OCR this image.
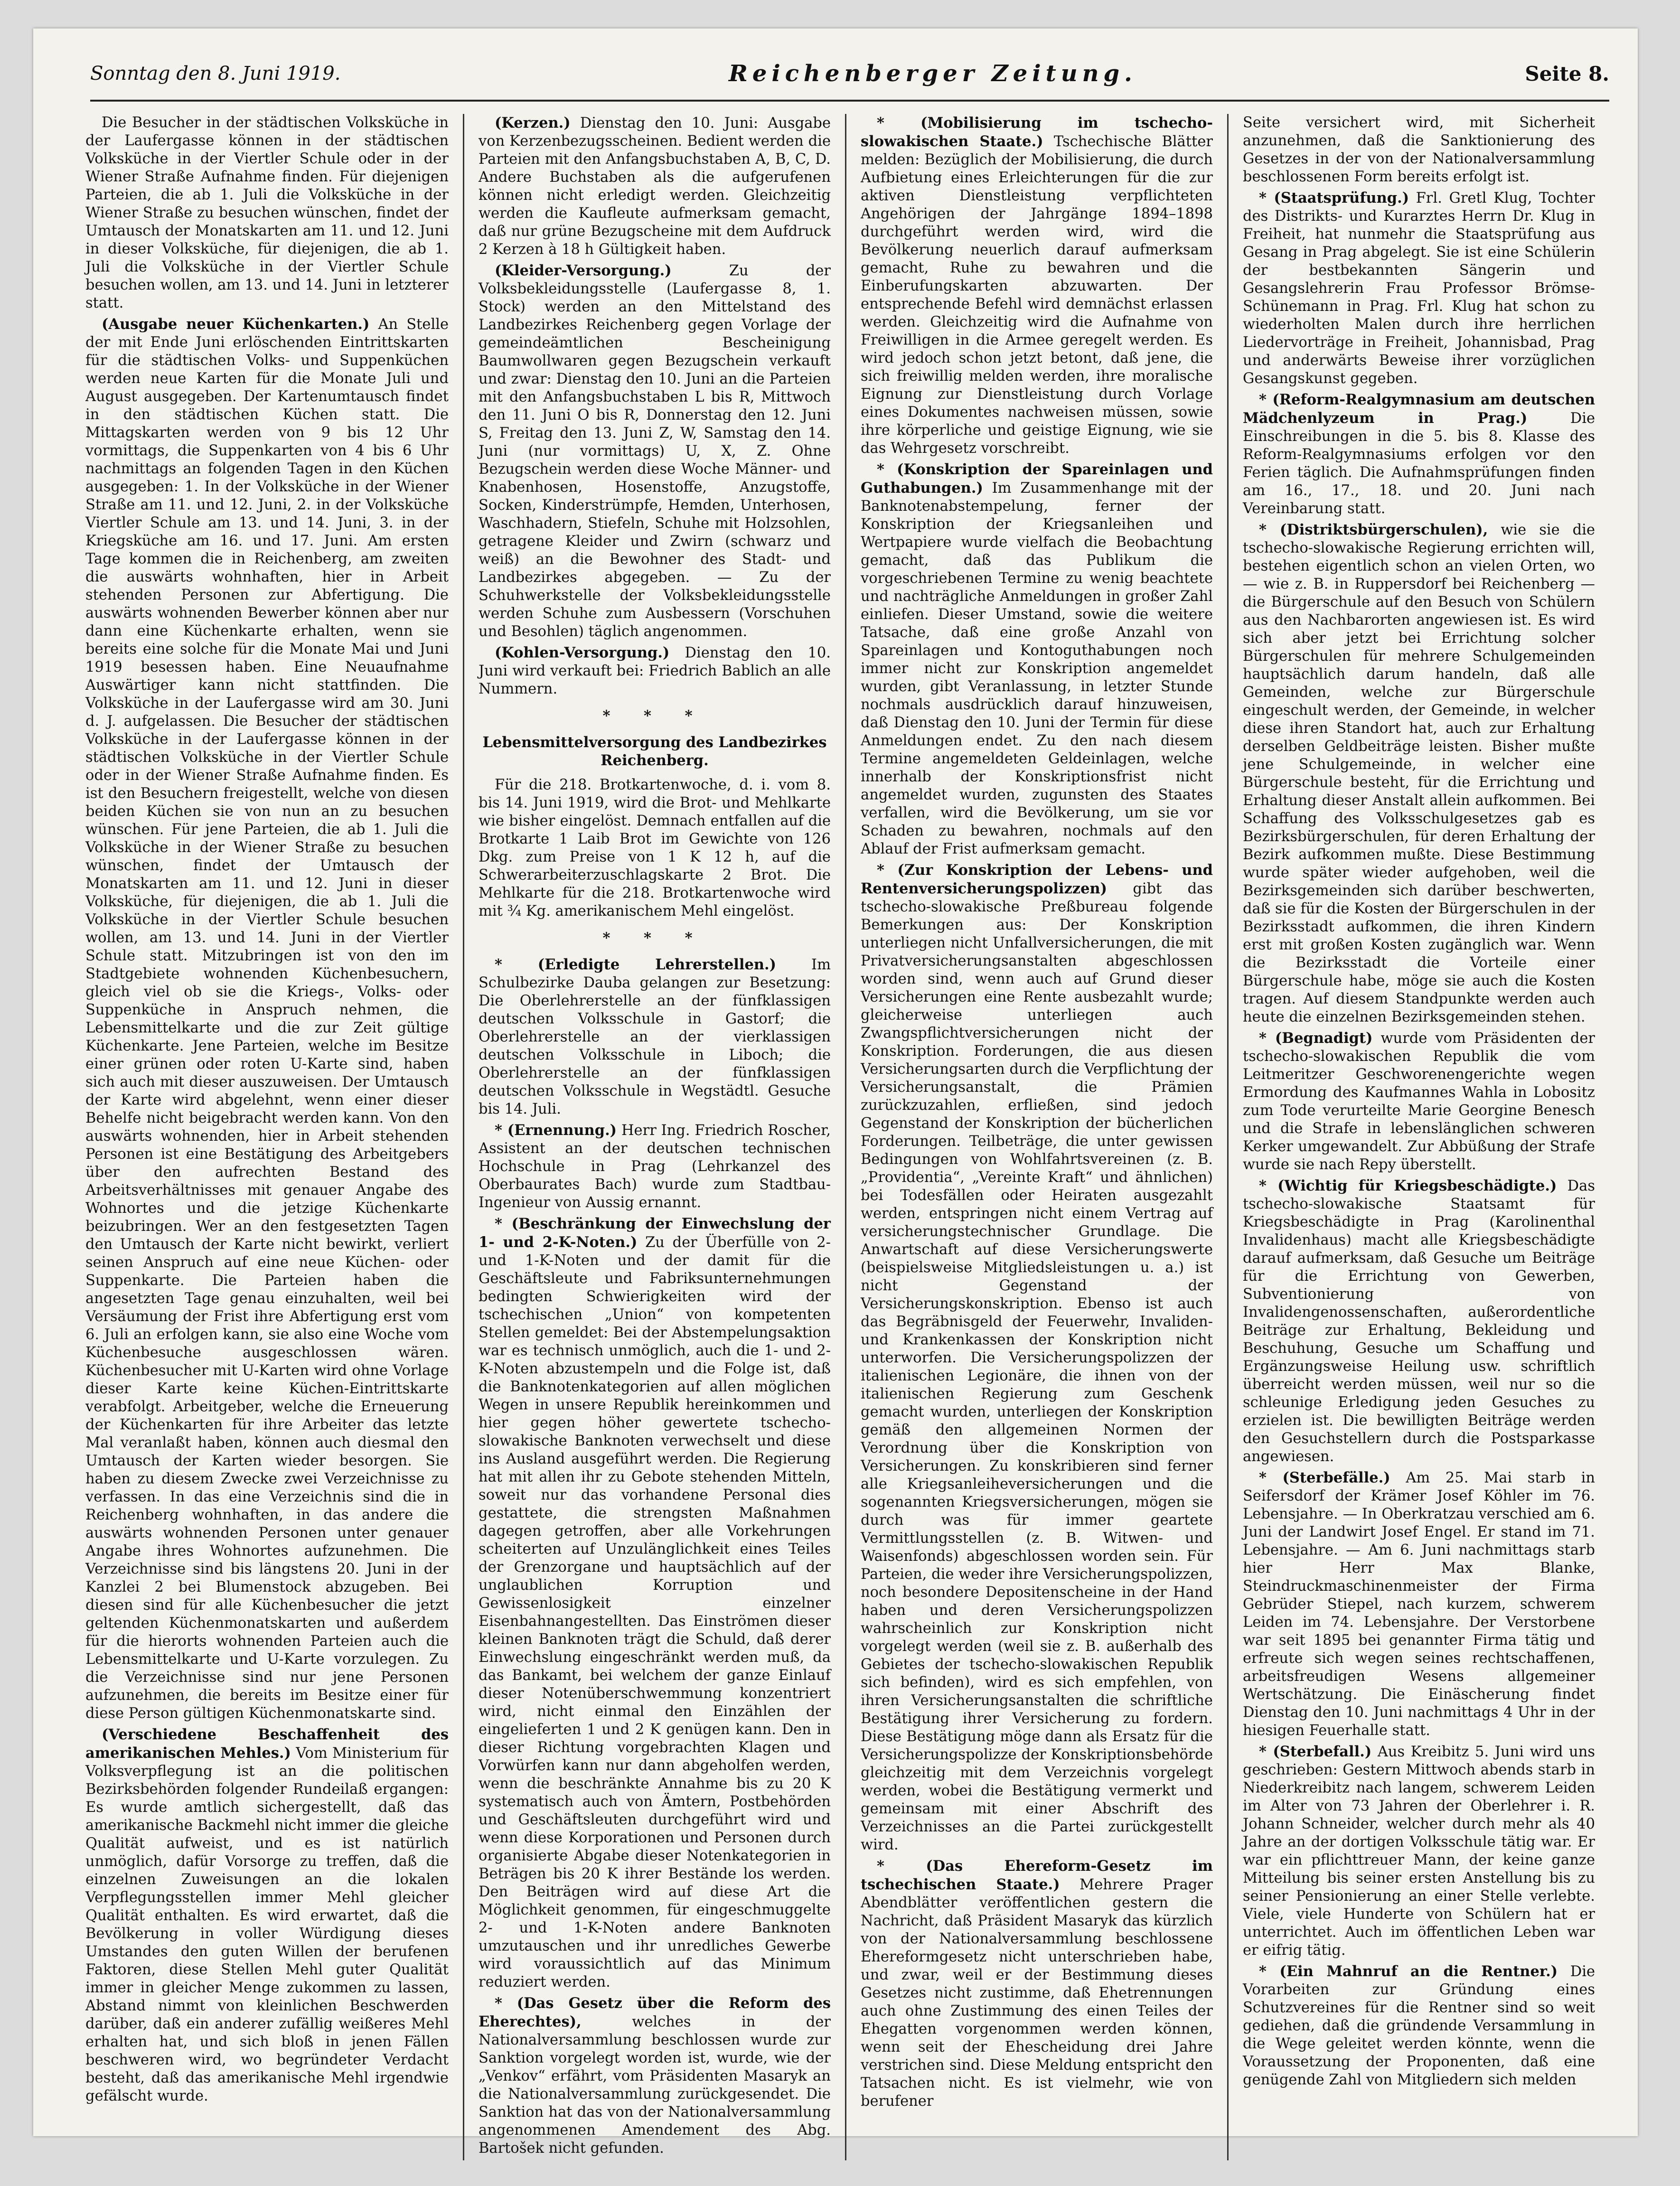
Sonntag den 8. Juni 1919.	Reichenberger Zeitung.	Seite 8.

Die Besucher in der städtischen Volksküche in der Laufergasse können in der städtischen Volksküche in der Viertler Schule oder in der Wiener Straße Aufnahme finden. Für diejenigen Parteien, die ab 1. Juli die Volksküche in der Wiener Straße zu besuchen wünschen, findet der Umtausch der Monatskarten am 11. und 12. Juni in dieser Volksküche, für diejenigen, die ab 1. Juli die Volksküche in der Viertler Schule besuchen wollen, am 13. und 14. Juni in letzterer statt.

(Ausgabe neuer Küchenkarten.) An Stelle der mit Ende Juni erlöschenden Eintrittskarten für die städtischen Volks- und Suppenküchen werden neue Karten für die Monate Juli und August ausgegeben. Der Kartenumtausch findet in den städtischen Küchen statt. Die Mittagskarten werden von 9 bis 12 Uhr vormittags, die Suppenkarten von 4 bis 6 Uhr nachmittags an folgenden Tagen in den Küchen ausgegeben: 1. In der Volksküche in der Wiener Straße am 11. und 12. Juni, 2. in der Volksküche Viertler Schule am 13. und 14. Juni, 3. in der Kriegsküche am 16. und 17. Juni. Am ersten Tage kommen die in Reichenberg, am zweiten die auswärts wohnhaften, hier in Arbeit stehenden Personen zur Abfertigung. Die auswärts wohnenden Bewerber können aber nur dann eine Küchenkarte erhalten, wenn sie bereits eine solche für die Monate Mai und Juni 1919 besessen haben. Eine Neuaufnahme Auswärtiger kann nicht stattfinden. Die Volksküche in der Laufergasse wird am 30. Juni d. J. aufgelassen. Die Besucher der städtischen Volksküche in der Laufergasse können in der städtischen Volksküche in der Viertler Schule oder in der Wiener Straße Aufnahme finden. Es ist den Besuchern freigestellt, welche von diesen beiden Küchen sie von nun an zu besuchen wünschen. Für jene Parteien, die ab 1. Juli die Volksküche in der Wiener Straße zu besuchen wünschen, findet der Umtausch der Monatskarten am 11. und 12. Juni in dieser Volksküche, für diejenigen, die ab 1. Juli die Volksküche in der Viertler Schule besuchen wollen, am 13. und 14. Juni in der Viertler Schule statt. Mitzubringen ist von den im Stadtgebiete wohnenden Küchenbesuchern, gleich viel ob sie die Kriegs-, Volks- oder Suppenküche in Anspruch nehmen, die Lebensmittelkarte und die zur Zeit gültige Küchenkarte. Jene Parteien, welche im Besitze einer grünen oder roten U-Karte sind, haben sich auch mit dieser auszuweisen. Der Umtausch der Karte wird abgelehnt, wenn einer dieser Behelfe nicht beigebracht werden kann. Von den auswärts wohnenden, hier in Arbeit stehenden Personen ist eine Bestätigung des Arbeitgebers über den aufrechten Bestand des Arbeitsverhältnisses mit genauer Angabe des Wohnortes und die jetzige Küchenkarte beizubringen. Wer an den festgesetzten Tagen den Umtausch der Karte nicht bewirkt, verliert seinen Anspruch auf eine neue Küchen- oder Suppenkarte. Die Parteien haben die angesetzten Tage genau einzuhalten, weil bei Versäumung der Frist ihre Abfertigung erst vom 6. Juli an erfolgen kann, sie also eine Woche vom Küchenbesuche ausgeschlossen wären. Küchenbesucher mit U-Karten wird ohne Vorlage dieser Karte keine Küchen-Eintrittskarte verabfolgt. Arbeitgeber, welche die Erneuerung der Küchenkarten für ihre Arbeiter das letzte Mal veranlaßt haben, können auch diesmal den Umtausch der Karten wieder besorgen. Sie haben zu diesem Zwecke zwei Verzeichnisse zu verfassen. In das eine Verzeichnis sind die in Reichenberg wohnhaften, in das andere die auswärts wohnenden Personen unter genauer Angabe ihres Wohnortes aufzunehmen. Die Verzeichnisse sind bis längstens 20. Juni in der Kanzlei 2 bei Blumenstock abzugeben. Bei diesen sind für alle Küchenbesucher die jetzt geltenden Küchenmonatskarten und außerdem für die hierorts wohnenden Parteien auch die Lebensmittelkarte und U-Karte vorzulegen. Zu die Verzeichnisse sind nur jene Personen aufzunehmen, die bereits im Besitze einer für diese Person gültigen Küchenmonatskarte sind.

(Verschiedene Beschaffenheit des amerikanischen Mehles.) Vom Ministerium für Volksverpflegung ist an die politischen Bezirksbehörden folgender Rundeilaß ergangen: Es wurde amtlich sichergestellt, daß das amerikanische Backmehl nicht immer die gleiche Qualität aufweist, und es ist natürlich unmöglich, dafür Vorsorge zu treffen, daß die einzelnen Zuweisungen an die lokalen Verpflegungsstellen immer Mehl gleicher Qualität enthalten. Es wird erwartet, daß die Bevölkerung in voller Würdigung dieses Umstandes den guten Willen der berufenen Faktoren, diese Stellen Mehl guter Qualität immer in gleicher Menge zukommen zu lassen, Abstand nimmt von kleinlichen Beschwerden darüber, daß ein anderer zufällig weißeres Mehl erhalten hat, und sich bloß in jenen Fällen beschweren wird, wo begründeter Verdacht besteht, daß das amerikanische Mehl irgendwie gefälscht wurde.

(Kerzen.) Dienstag den 10. Juni: Ausgabe von Kerzenbezugsscheinen. Bedient werden die Parteien mit den Anfangsbuchstaben A, B, C, D. Andere Buchstaben als die aufgerufenen können nicht erledigt werden. Gleichzeitig werden die Kaufleute aufmerksam gemacht, daß nur grüne Bezugscheine mit dem Aufdruck 2 Kerzen à 18 h Gültigkeit haben.

(Kleider-Versorgung.) Zu der Volksbekleidungsstelle (Laufergasse 8, 1. Stock) werden an den Mittelstand des Landbezirkes Reichenberg gegen Vorlage der gemeindeämtlichen Bescheinigung Baumwollwaren gegen Bezugschein verkauft und zwar: Dienstag den 10. Juni an die Parteien mit den Anfangsbuchstaben L bis R, Mittwoch den 11. Juni O bis R, Donnerstag den 12. Juni S, Freitag den 13. Juni Z, W, Samstag den 14. Juni (nur vormittags) U, X, Z. Ohne Bezugschein werden diese Woche Männer- und Knabenhosen, Hosenstoffe, Anzugstoffe, Socken, Kinderstrümpfe, Hemden, Unterhosen, Waschhadern, Stiefeln, Schuhe mit Holzsohlen, getragene Kleider und Zwirn (schwarz und weiß) an die Bewohner des Stadt- und Landbezirkes abgegeben. — Zu der Schuhwerkstelle der Volksbekleidungsstelle werden Schuhe zum Ausbessern (Vorschuhen und Besohlen) täglich angenommen.

(Kohlen-Versorgung.) Dienstag den 10. Juni wird verkauft bei: Friedrich Bablich an alle Nummern.

* * *

Lebensmittelversorgung des Landbezirkes Reichenberg.

Für die 218. Brotkartenwoche, d. i. vom 8. bis 14. Juni 1919, wird die Brot- und Mehlkarte wie bisher eingelöst. Demnach entfallen auf die Brotkarte 1 Laib Brot im Gewichte von 126 Dkg. zum Preise von 1 K 12 h, auf die Schwerarbeiterzuschlagskarte 2 Brot. Die Mehlkarte für die 218. Brotkartenwoche wird mit ¾ Kg. amerikanischem Mehl eingelöst.

* * *

* (Erledigte Lehrerstellen.) Im Schulbezirke Dauba gelangen zur Besetzung: Die Oberlehrerstelle an der fünfklassigen deutschen Volksschule in Gastorf; die Oberlehrerstelle an der vierklassigen deutschen Volksschule in Liboch; die Oberlehrerstelle an der fünfklassigen deutschen Volksschule in Wegstädtl. Gesuche bis 14. Juli.

* (Ernennung.) Herr Ing. Friedrich Roscher, Assistent an der deutschen technischen Hochschule in Prag (Lehrkanzel des Oberbaurates Bach) wurde zum Stadtbau-Ingenieur von Aussig ernannt.

* (Beschränkung der Einwechslung der 1- und 2-K-Noten.) Zu der Überfülle von 2- und 1-K-Noten und der damit für die Geschäftsleute und Fabriksunternehmungen bedingten Schwierigkeiten wird der tschechischen „Union“ von kompetenten Stellen gemeldet: Bei der Abstempelungsaktion war es technisch unmöglich, auch die 1- und 2-K-Noten abzustempeln und die Folge ist, daß die Banknotenkategorien auf allen möglichen Wegen in unsere Republik hereinkommen und hier gegen höher gewertete tschecho-slowakische Banknoten verwechselt und diese ins Ausland ausgeführt werden. Die Regierung hat mit allen ihr zu Gebote stehenden Mitteln, soweit nur das vorhandene Personal dies gestattete, die strengsten Maßnahmen dagegen getroffen, aber alle Vorkehrungen scheiterten auf Unzulänglichkeit eines Teiles der Grenzorgane und hauptsächlich auf der unglaublichen Korruption und Gewissenlosigkeit einzelner Eisenbahnangestellten. Das Einströmen dieser kleinen Banknoten trägt die Schuld, daß derer Einwechslung eingeschränkt werden muß, da das Bankamt, bei welchem der ganze Einlauf dieser Notenüberschwemmung konzentriert wird, nicht einmal den Einzählen der eingelieferten 1 und 2 K genügen kann. Den in dieser Richtung vorgebrachten Klagen und Vorwürfen kann nur dann abgeholfen werden, wenn die beschränkte Annahme bis zu 20 K systematisch auch von Ämtern, Postbehörden und Geschäftsleuten durchgeführt wird und wenn diese Korporationen und Personen durch organisierte Abgabe dieser Notenkategorien in Beträgen bis 20 K ihrer Bestände los werden. Den Beiträgen wird auf diese Art die Möglichkeit genommen, für eingeschmuggelte 2- und 1-K-Noten andere Banknoten umzutauschen und ihr unredliches Gewerbe wird voraussichtlich auf das Minimum reduziert werden.

* (Das Gesetz über die Reform des Eherechtes), welches in der Nationalversammlung beschlossen wurde zur Sanktion vorgelegt worden ist, wurde, wie der „Venkov“ erfährt, vom Präsidenten Masaryk an die Nationalversammlung zurückgesendet. Die Sanktion hat das von der Nationalversammlung angenommenen Amendement des Abg. Bartošek nicht gefunden.

* (Mobilisierung im tschecho-slowakischen Staate.) Tschechische Blätter melden: Bezüglich der Mobilisierung, die durch Aufbietung eines Erleichterungen für die zur aktiven Dienstleistung verpflichteten Angehörigen der Jahrgänge 1894–1898 durchgeführt werden wird, wird die Bevölkerung neuerlich darauf aufmerksam gemacht, Ruhe zu bewahren und die Einberufungskarten abzuwarten. Der entsprechende Befehl wird demnächst erlassen werden. Gleichzeitig wird die Aufnahme von Freiwilligen in die Armee geregelt werden. Es wird jedoch schon jetzt betont, daß jene, die sich freiwillig melden werden, ihre moralische Eignung zur Dienstleistung durch Vorlage eines Dokumentes nachweisen müssen, sowie ihre körperliche und geistige Eignung, wie sie das Wehrgesetz vorschreibt.

* (Konskription der Spareinlagen und Guthabungen.) Im Zusammenhange mit der Banknotenabstempelung, ferner der Konskription der Kriegsanleihen und Wertpapiere wurde vielfach die Beobachtung gemacht, daß das Publikum die vorgeschriebenen Termine zu wenig beachtete und nachträgliche Anmeldungen in großer Zahl einliefen. Dieser Umstand, sowie die weitere Tatsache, daß eine große Anzahl von Spareinlagen und Kontoguthabungen noch immer nicht zur Konskription angemeldet wurden, gibt Veranlassung, in letzter Stunde nochmals ausdrücklich darauf hinzuweisen, daß Dienstag den 10. Juni der Termin für diese Anmeldungen endet. Zu den nach diesem Termine angemeldeten Geldeinlagen, welche innerhalb der Konskriptionsfrist nicht angemeldet wurden, zugunsten des Staates verfallen, wird die Bevölkerung, um sie vor Schaden zu bewahren, nochmals auf den Ablauf der Frist aufmerksam gemacht.

* (Zur Konskription der Lebens- und Rentenversicherungspolizzen) gibt das tschecho-slowakische Preßbureau folgende Bemerkungen aus: Der Konskription unterliegen nicht Unfallversicherungen, die mit Privatversicherungsanstalten abgeschlossen worden sind, wenn auch auf Grund dieser Versicherungen eine Rente ausbezahlt wurde; gleicherweise unterliegen auch Zwangspflichtversicherungen nicht der Konskription. Forderungen, die aus diesen Versicherungsarten durch die Verpflichtung der Versicherungsanstalt, die Prämien zurückzuzahlen, erfließen, sind jedoch Gegenstand der Konskription der bücherlichen Forderungen. Teilbeträge, die unter gewissen Bedingungen von Wohlfahrtsvereinen (z. B. „Providentia“, „Vereinte Kraft“ und ähnlichen) bei Todesfällen oder Heiraten ausgezahlt werden, entspringen nicht einem Vertrag auf versicherungstechnischer Grundlage. Die Anwartschaft auf diese Versicherungswerte (beispielsweise Mitgliedsleistungen u. a.) ist nicht Gegenstand der Versicherungskonskription. Ebenso ist auch das Begräbnisgeld der Feuerwehr, Invaliden- und Krankenkassen der Konskription nicht unterworfen. Die Versicherungspolizzen der italienischen Legionäre, die ihnen von der italienischen Regierung zum Geschenk gemacht wurden, unterliegen der Konskription gemäß den allgemeinen Normen der Verordnung über die Konskription von Versicherungen. Zu konskribieren sind ferner alle Kriegsanleiheversicherungen und die sogenannten Kriegsversicherungen, mögen sie durch was für immer geartete Vermittlungsstellen (z. B. Witwen- und Waisenfonds) abgeschlossen worden sein. Für Parteien, die weder ihre Versicherungspolizzen, noch besondere Depositenscheine in der Hand haben und deren Versicherungspolizzen wahrscheinlich zur Konskription nicht vorgelegt werden (weil sie z. B. außerhalb des Gebietes der tschecho-slowakischen Republik sich befinden), wird es sich empfehlen, von ihren Versicherungsanstalten die schriftliche Bestätigung ihrer Versicherung zu fordern. Diese Bestätigung möge dann als Ersatz für die Versicherungspolizze der Konskriptionsbehörde gleichzeitig mit dem Verzeichnis vorgelegt werden, wobei die Bestätigung vermerkt und gemeinsam mit einer Abschrift des Verzeichnisses an die Partei zurückgestellt wird.

* (Das Ehereform-Gesetz im tschechischen Staate.) Mehrere Prager Abendblätter veröffentlichen gestern die Nachricht, daß Präsident Masaryk das kürzlich von der Nationalversammlung beschlossene Ehereformgesetz nicht unterschrieben habe, und zwar, weil er der Bestimmung dieses Gesetzes nicht zustimme, daß Ehetrennungen auch ohne Zustimmung des einen Teiles der Ehegatten vorgenommen werden können, wenn seit der Ehescheidung drei Jahre verstrichen sind. Diese Meldung entspricht den Tatsachen nicht. Es ist vielmehr, wie von berufener

Seite versichert wird, mit Sicherheit anzunehmen, daß die Sanktionierung des Gesetzes in der von der Nationalversammlung beschlossenen Form bereits erfolgt ist.

* (Staatsprüfung.) Frl. Gretl Klug, Tochter des Distrikts- und Kurarztes Herrn Dr. Klug in Freiheit, hat nunmehr die Staatsprüfung aus Gesang in Prag abgelegt. Sie ist eine Schülerin der bestbekannten Sängerin und Gesangslehrerin Frau Professor Brömse-Schünemann in Prag. Frl. Klug hat schon zu wiederholten Malen durch ihre herrlichen Liedervorträge in Freiheit, Johannisbad, Prag und anderwärts Beweise ihrer vorzüglichen Gesangskunst gegeben.

* (Reform-Realgymnasium am deutschen Mädchenlyzeum in Prag.) Die Einschreibungen in die 5. bis 8. Klasse des Reform-Realgymnasiums erfolgen vor den Ferien täglich. Die Aufnahmsprüfungen finden am 16., 17., 18. und 20. Juni nach Vereinbarung statt.

* (Distriktsbürgerschulen), wie sie die tschecho-slowakische Regierung errichten will, bestehen eigentlich schon an vielen Orten, wo — wie z. B. in Ruppersdorf bei Reichenberg — die Bürgerschule auf den Besuch von Schülern aus den Nachbarorten angewiesen ist. Es wird sich aber jetzt bei Errichtung solcher Bürgerschulen für mehrere Schulgemeinden hauptsächlich darum handeln, daß alle Gemeinden, welche zur Bürgerschule eingeschult werden, der Gemeinde, in welcher diese ihren Standort hat, auch zur Erhaltung derselben Geldbeiträge leisten. Bisher mußte jene Schulgemeinde, in welcher eine Bürgerschule besteht, für die Errichtung und Erhaltung dieser Anstalt allein aufkommen. Bei Schaffung des Volksschulgesetzes gab es Bezirksbürgerschulen, für deren Erhaltung der Bezirk aufkommen mußte. Diese Bestimmung wurde später wieder aufgehoben, weil die Bezirksgemeinden sich darüber beschwerten, daß sie für die Kosten der Bürgerschulen in der Bezirksstadt aufkommen, die ihren Kindern erst mit großen Kosten zugänglich war. Wenn die Bezirksstadt die Vorteile einer Bürgerschule habe, möge sie auch die Kosten tragen. Auf diesem Standpunkte werden auch heute die einzelnen Bezirksgemeinden stehen.

* (Begnadigt) wurde vom Präsidenten der tschecho-slowakischen Republik die vom Leitmeritzer Geschworenengerichte wegen Ermordung des Kaufmannes Wahla in Lobositz zum Tode verurteilte Marie Georgine Benesch und die Strafe in lebenslänglichen schweren Kerker umgewandelt. Zur Abbüßung der Strafe wurde sie nach Repy überstellt.

* (Wichtig für Kriegsbeschädigte.) Das tschecho-slowakische Staatsamt für Kriegsbeschädigte in Prag (Karolinenthal Invalidenhaus) macht alle Kriegsbeschädigte darauf aufmerksam, daß Gesuche um Beiträge für die Errichtung von Gewerben, Subventionierung von Invalidengenossenschaften, außerordentliche Beiträge zur Erhaltung, Bekleidung und Beschuhung, Gesuche um Schaffung und Ergänzungsweise Heilung usw. schriftlich überreicht werden müssen, weil nur so die schleunige Erledigung jeden Gesuches zu erzielen ist. Die bewilligten Beiträge werden den Gesuchstellern durch die Postsparkasse angewiesen.

* (Sterbefälle.) Am 25. Mai starb in Seifersdorf der Krämer Josef Köhler im 76. Lebensjahre. — In Oberkratzau verschied am 6. Juni der Landwirt Josef Engel. Er stand im 71. Lebensjahre. — Am 6. Juni nachmittags starb hier Herr Max Blanke, Steindruckmaschinenmeister der Firma Gebrüder Stiepel, nach kurzem, schwerem Leiden im 74. Lebensjahre. Der Verstorbene war seit 1895 bei genannter Firma tätig und erfreute sich wegen seines rechtschaffenen, arbeitsfreudigen Wesens allgemeiner Wertschätzung. Die Einäscherung findet Dienstag den 10. Juni nachmittags 4 Uhr in der hiesigen Feuerhalle statt.

* (Sterbefall.) Aus Kreibitz 5. Juni wird uns geschrieben: Gestern Mittwoch abends starb in Niederkreibitz nach langem, schwerem Leiden im Alter von 73 Jahren der Oberlehrer i. R. Johann Schneider, welcher durch mehr als 40 Jahre an der dortigen Volksschule tätig war. Er war ein pflichttreuer Mann, der keine ganze Mitteilung bis seiner ersten Anstellung bis zu seiner Pensionierung an einer Stelle verlebte. Viele, viele Hunderte von Schülern hat er unterrichtet. Auch im öffentlichen Leben war er eifrig tätig.

* (Ein Mahnruf an die Rentner.) Die Vorarbeiten zur Gründung eines Schutzvereines für die Rentner sind so weit gediehen, daß die gründende Versammlung in die Wege geleitet werden könnte, wenn die Voraussetzung der Proponenten, daß eine genügende Zahl von Mitgliedern sich melden
